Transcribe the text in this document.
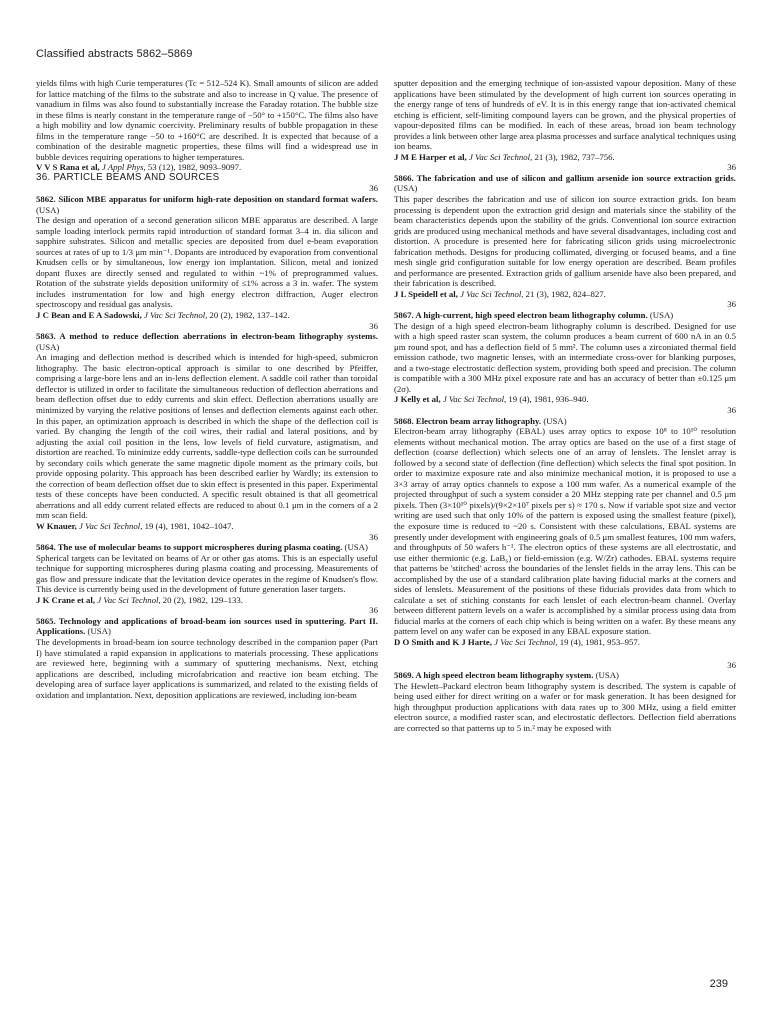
Classified abstracts 5862–5869

yields films with high Curie temperatures (Tc = 512–524 K). Small amounts of silicon are added for lattice matching of the films to the substrate and also to increase in Q value. The presence of vanadium in films was also found to substantially increase the Faraday rotation. The bubble size in these films is nearly constant in the temperature range of −50° to +150°C. The films also have a high mobility and low dynamic coercivity. Preliminary results of bubble propagation in these films in the temperature range −50 to +160°C are described. It is expected that because of a combination of the desirable magnetic properties, these films will find a widespread use in bubble devices requiring operations to higher temperatures.

V V S Rana et al, J Appl Phys, 53 (12), 1982, 9093–9097.

36. PARTICLE BEAMS AND SOURCES

36

5862. Silicon MBE apparatus for uniform high-rate deposition on standard format wafers. (USA)

The design and operation of a second generation silicon MBE apparatus are described. A large sample loading interlock permits rapid introduction of standard format 3–4 in. dia silicon and sapphire substrates. Silicon and metallic species are deposited from duel e-beam evaporation sources at rates of up to 1/3 μm min⁻¹. Dopants are introduced by evaporation from conventional Knudsen cells or by simultaneous, low energy ion implantation. Silicon, metal and ionized dopant fluxes are directly sensed and regulated to within ~1% of preprogrammed values. Rotation of the substrate yields deposition uniformity of ≤1% across a 3 in. wafer. The system includes instrumentation for low and high energy electron diffraction, Auger electron spectroscopy and residual gas analysis.

J C Bean and E A Sadowski, J Vac Sci Technol, 20 (2), 1982, 137–142.

36

5863. A method to reduce deflection aberrations in electron-beam lithography systems. (USA)

An imaging and deflection method is described which is intended for high-speed, submicron lithography. The basic electron-optical approach is similar to one described by Pfeiffer, comprising a large-bore lens and an in-lens deflection element. A saddle coil rather than toroidal deflector is utilized in order to facilitate the simultaneous reduction of deflection aberrations and beam deflection offset due to eddy currents and skin effect. Deflection aberrations usually are minimized by varying the relative positions of lenses and deflection elements against each other. In this paper, an optimization approach is described in which the shape of the deflection coil is varied. By changing the length of the coil wires, their radial and lateral positions, and by adjusting the axial coil position in the lens, low levels of field curvature, astigmatism, and distortion are reached. To minimize eddy currents, saddle-type deflection coils can be surrounded by secondary coils which generate the same magnetic dipole moment as the primary coils, but provide opposing polarity. This approach has been described earlier by Wardly; its extension to the correction of beam deflection offset due to skin effect is presented in this paper. Experimental tests of these concepts have been conducted. A specific result obtained is that all geometrical aberrations and all eddy current related effects are reduced to about 0.1 μm in the corners of a 2 mm scan field.

W Knauer, J Vac Sci Technol, 19 (4), 1981, 1042–1047.

36

5864. The use of molecular beams to support microspheres during plasma coating. (USA)

Spherical targets can be levitated on beams of Ar or other gas atoms. This is an especially useful technique for supporting microspheres during plasma coating and processing. Measurements of gas flow and pressure indicate that the levitation device operates in the regime of Knudsen's flow. This device is currently being used in the development of future generation laser targets.

J K Crane et al, J Vac Sci Technol, 20 (2), 1982, 129–133.

36

5865. Technology and applications of broad-beam ion sources used in sputtering. Part II. Applications. (USA)

The developments in broad-beam ion source technology described in the companion paper (Part I) have stimulated a rapid expansion in applications to materials processing. These applications are reviewed here, beginning with a summary of sputtering mechanisms. Next, etching applications are described, including microfabrication and reactive ion beam etching. The developing area of surface layer applications is summarized, and related to the existing fields of oxidation and implantation. Next, deposition applications are reviewed, including ion-beam

sputter deposition and the emerging technique of ion-assisted vapour deposition. Many of these applications have been stimulated by the development of high current ion sources operating in the energy range of tens of hundreds of eV. It is in this energy range that ion-activated chemical etching is efficient, self-limiting compound layers can be grown, and the physical properties of vapour-deposited films can be modified. In each of these areas, broad ion beam technology provides a link between other large area plasma processes and surface analytical techniques using ion beams.

J M E Harper et al, J Vac Sci Technol, 21 (3), 1982, 737–756.

36

5866. The fabrication and use of silicon and gallium arsenide ion source extraction grids. (USA)

This paper describes the fabrication and use of silicon ion source extraction grids. Ion beam processing is dependent upon the extraction grid design and materials since the stability of the beam characteristics depends upon the stability of the grids. Conventional ion source extraction grids are produced using mechanical methods and have several disadvantages, including cost and distortion. A procedure is presented here for fabricating silicon grids using microelectronic fabrication methods. Designs for producing collimated, diverging or focused beams, and a fine mesh single grid configuration suitable for low energy operation are described. Beam profiles and performance are presented. Extraction grids of gallium arsenide have also been prepared, and their fabrication is described.

J L Speidell et al, J Vac Sci Technol, 21 (3), 1982, 824–827.

36

5867. A high-current, high speed electron beam lithography column. (USA)

The design of a high speed electron-beam lithography column is described. Designed for use with a high speed raster scan system, the column produces a beam current of 600 nA in an 0.5 μm round spot, and has a deflection field of 5 mm². The column uses a zirconiated thermal field emission cathode, two magnetic lenses, with an intermediate cross-over for blanking purposes, and a two-stage electrostatic deflection system, providing both speed and precision. The column is compatible with a 300 MHz pixel exposure rate and has an accuracy of better than ±0.125 μm (2σ).

J Kelly et al, J Vac Sci Technol, 19 (4), 1981, 936–940.

36

5868. Electron beam array lithography. (USA)

Electron-beam array lithography (EBAL) uses array optics to expose 10⁸ to 10¹⁰ resolution elements without mechanical motion. The array optics are based on the use of a first stage of deflection (coarse deflection) which selects one of an array of lenslets. The lenslet array is followed by a second state of deflection (fine deflection) which selects the final spot position. In order to maximize exposure rate and also minimize mechanical motion, it is proposed to use a 3×3 array of array optics channels to expose a 100 mm wafer. As a numerical example of the projected throughput of such a system consider a 20 MHz stepping rate per channel and 0.5 μm pixels. Then (3×10¹⁰ pixels)/(9×2×10⁷ pixels per s) ≈ 170 s. Now if variable spot size and vector writing are used such that only 10% of the pattern is exposed using the smallest feature (pixel), the exposure time is reduced to ~20 s. Consistent with these calculations, EBAL systems are presently under development with engineering goals of 0.5 μm smallest features, 100 mm wafers, and throughputs of 50 wafers h⁻¹. The electron optics of these systems are all electrostatic, and use either thermionic (e.g. LaB₆) or field-emission (e.g. W/Zr) cathodes. EBAL systems require that patterns be 'stitched' across the boundaries of the lenslet fields in the array lens. This can be accomplished by the use of a standard calibration plate having fiducial marks at the corners and sides of lenslets. Measurement of the positions of these fiducials provides data from which to calculate a set of stiching constants for each lenslet of each electron-beam channel. Overlay between different pattern levels on a wafer is accomplished by a similar process using data from fiducial marks at the corners of each chip which is being written on a wafer. By these means any pattern level on any wafer can be exposed in any EBAL exposure station.

D O Smith and K J Harte, J Vac Sci Technol, 19 (4), 1981, 953–957.

36

5869. A high speed electron beam lithography system. (USA)

The Hewlett–Packard electron beam lithography system is described. The system is capable of being used either for direct writing on a wafer or for mask generation. It has been designed for high throughput production applications with data rates up to 300 MHz, using a field emitter electron source, a modified raster scan, and electrostatic deflectors. Deflection field aberrations are corrected so that patterns up to 5 in.² may be exposed with

239
